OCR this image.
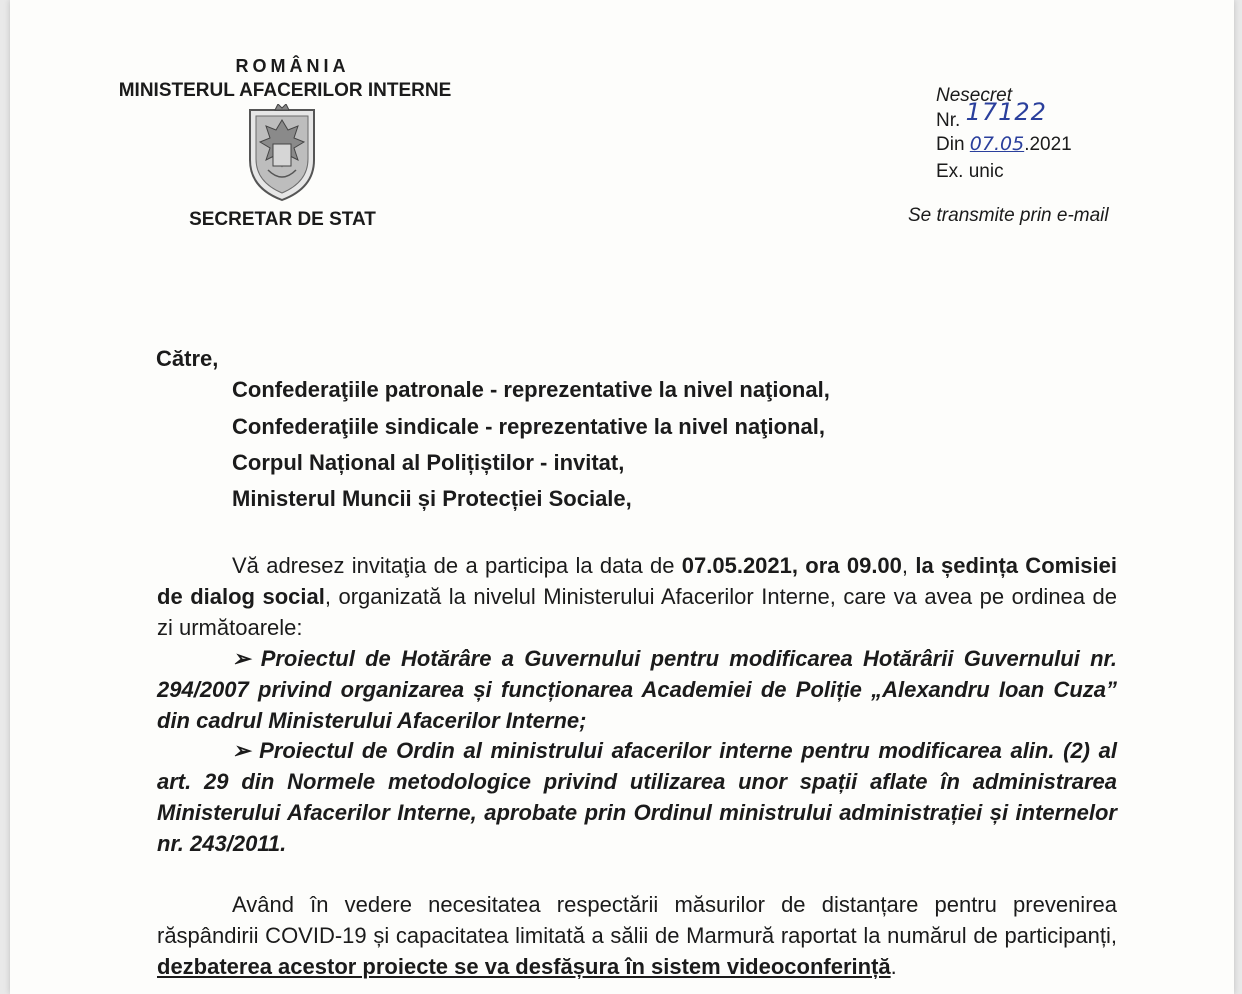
ROMÂNIA
MINISTERUL AFACERILOR INTERNE
SECRETAR DE STAT
Nesecret
Nr. 17122
Din 07.05.2021
Ex. unic
Se transmite prin e-mail
Către,
Confederaţiile patronale - reprezentative la nivel naţional,
Confederaţiile sindicale - reprezentative la nivel naţional,
Corpul Național al Polițiștilor - invitat,
Ministerul Muncii și Protecției Sociale,
Vă adresez invitaţia de a participa la data de 07.05.2021, ora 09.00, la ședința Comisiei de dialog social, organizată la nivelul Ministerului Afacerilor Interne, care va avea pe ordinea de zi următoarele:
➢ Proiectul de Hotărâre a Guvernului pentru modificarea Hotărârii Guvernului nr. 294/2007 privind organizarea și funcționarea Academiei de Poliție „Alexandru Ioan Cuza” din cadrul Ministerului Afacerilor Interne;
➢ Proiectul de Ordin al ministrului afacerilor interne pentru modificarea alin. (2) al art. 29 din Normele metodologice privind utilizarea unor spații aflate în administrarea Ministerului Afacerilor Interne, aprobate prin Ordinul ministrului administrației și internelor nr. 243/2011.
Având în vedere necesitatea respectării măsurilor de distanțare pentru prevenirea răspândirii COVID-19 și capacitatea limitată a sălii de Marmură raportat la numărul de participanți, dezbaterea acestor proiecte se va desfășura în sistem videoconferință.
